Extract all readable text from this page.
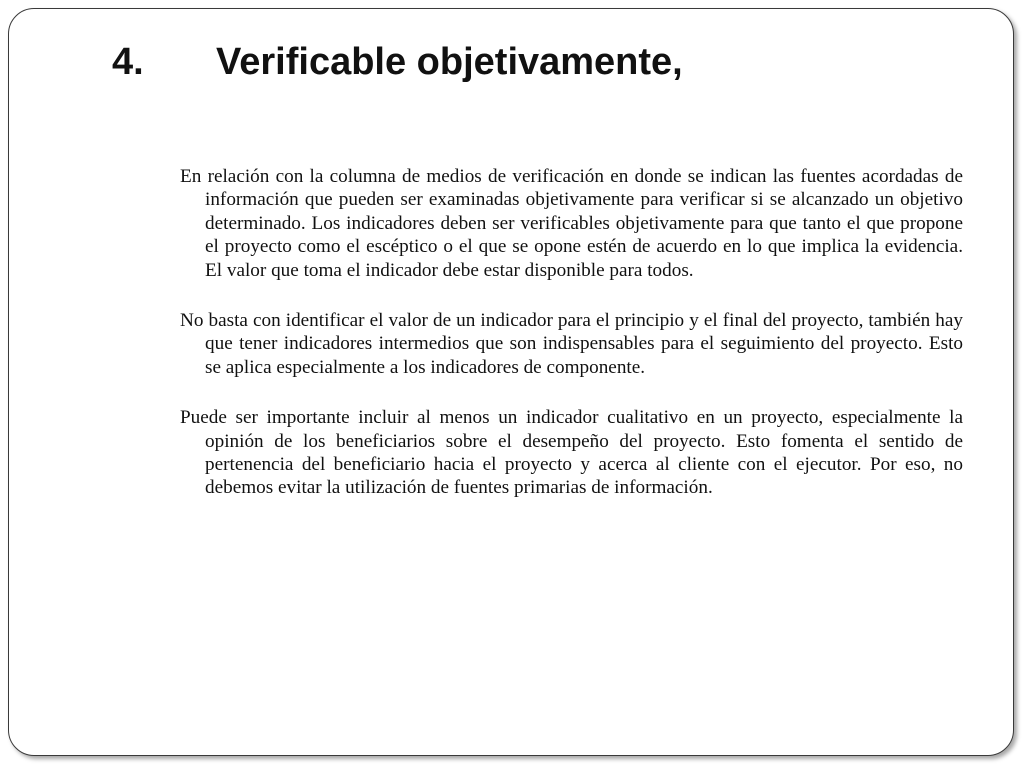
4. Verificable objetivamente,

En relación con la columna de medios de verificación en donde se indican las fuentes acordadas de información que pueden ser examinadas objetivamente para verificar si se alcanzado un objetivo determinado. Los indicadores deben ser verificables objetivamente para que tanto el que propone el proyecto como el escéptico o el que se opone estén de acuerdo en lo que implica la evidencia. El valor que toma el indicador debe estar disponible para todos.

No basta con identificar el valor de un indicador para el principio y el final del proyecto, también hay que tener indicadores intermedios que son indispensables para el seguimiento del proyecto. Esto se aplica especialmente a los indicadores de componente.

Puede ser importante incluir al menos un indicador cualitativo en un proyecto, especialmente la opinión de los beneficiarios sobre el desempeño del proyecto. Esto fomenta el sentido de pertenencia del beneficiario hacia el proyecto y acerca al cliente con el ejecutor. Por eso, no debemos evitar la utilización de fuentes primarias de información.
